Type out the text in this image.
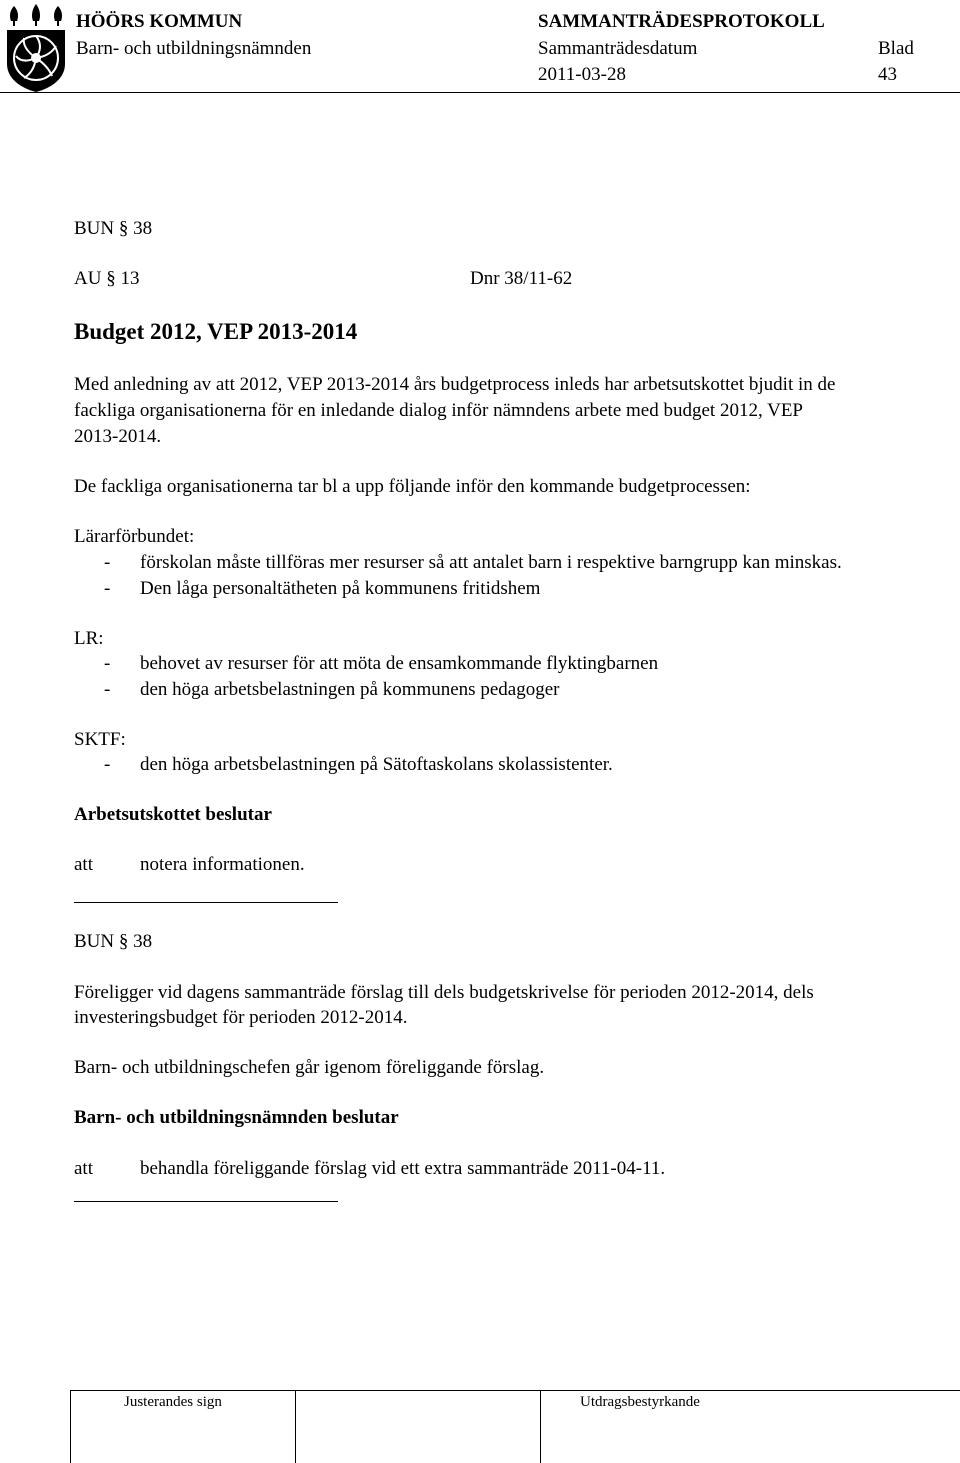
HÖÖRS KOMMUN
Barn- och utbildningsnämnden
SAMMANTRÄDESPROTOKOLL
Sammanträdesdatum	Blad
2011-03-28	43
BUN § 38
AU § 13	Dnr 38/11-62
Budget 2012, VEP 2013-2014
Med anledning av att 2012, VEP 2013-2014 års budgetprocess inleds har arbetsutskottet bjudit in de
fackliga organisationerna för en inledande dialog inför nämndens arbete med budget 2012, VEP
2013-2014.
De fackliga organisationerna tar bl a upp följande inför den kommande budgetprocessen:
Lärarförbundet:
- förskolan måste tillföras mer resurser så att antalet barn i respektive barngrupp kan minskas.
- Den låga personaltätheten på kommunens fritidshem
LR:
- behovet av resurser för att möta de ensamkommande flyktingbarnen
- den höga arbetsbelastningen på kommunens pedagoger
SKTF:
- den höga arbetsbelastningen på Sätoftaskolans skolassistenter.
Arbetsutskottet beslutar
att notera informationen.
BUN § 38
Föreligger vid dagens sammanträde förslag till dels budgetskrivelse för perioden 2012-2014, dels
investeringsbudget för perioden 2012-2014.
Barn- och utbildningschefen går igenom föreliggande förslag.
Barn- och utbildningsnämnden beslutar
att behandla föreliggande förslag vid ett extra sammanträde 2011-04-11.
Justerandes sign	Utdragsbestyrkande
